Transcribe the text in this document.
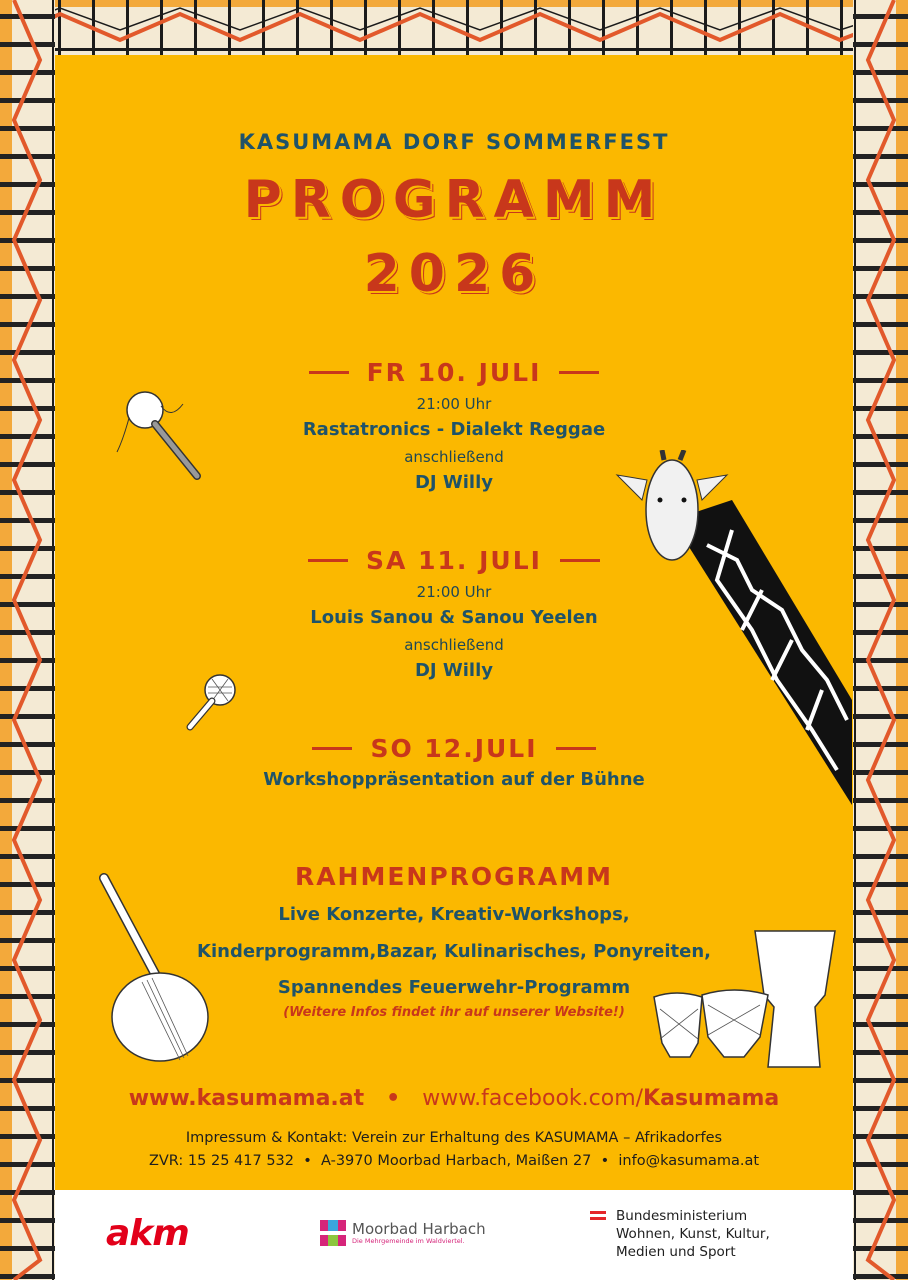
KASUMAMA DORF SOMMERFEST
PROGRAMM
2026
FR 10. JULI
21:00 Uhr
Rastatronics - Dialekt Reggae
anschließend
DJ Willy
SA 11. JULI
21:00 Uhr
Louis Sanou & Sanou Yeelen
anschließend
DJ Willy
SO 12.JULI
Workshoppräsentation auf der Bühne
RAHMENPROGRAMM
Live Konzerte, Kreativ-Workshops,
Kinderprogramm,Bazar, Kulinarisches, Ponyreiten,
Spannendes Feuerwehr-Programm
(Weitere Infos findet ihr auf unserer Website!)
www.kasumama.at • www.facebook.com/Kasumama
Impressum & Kontakt: Verein zur Erhaltung des KASUMAMA – Afrikadorfes
ZVR: 15 25 417 532  •  A-3970 Moorbad Harbach, Maißen 27  •  info@kasumama.at
akm	Moorbad Harbach
Die Mehrgemeinde im Waldviertel.
Bundesministerium
Wohnen, Kunst, Kultur,
Medien und Sport
